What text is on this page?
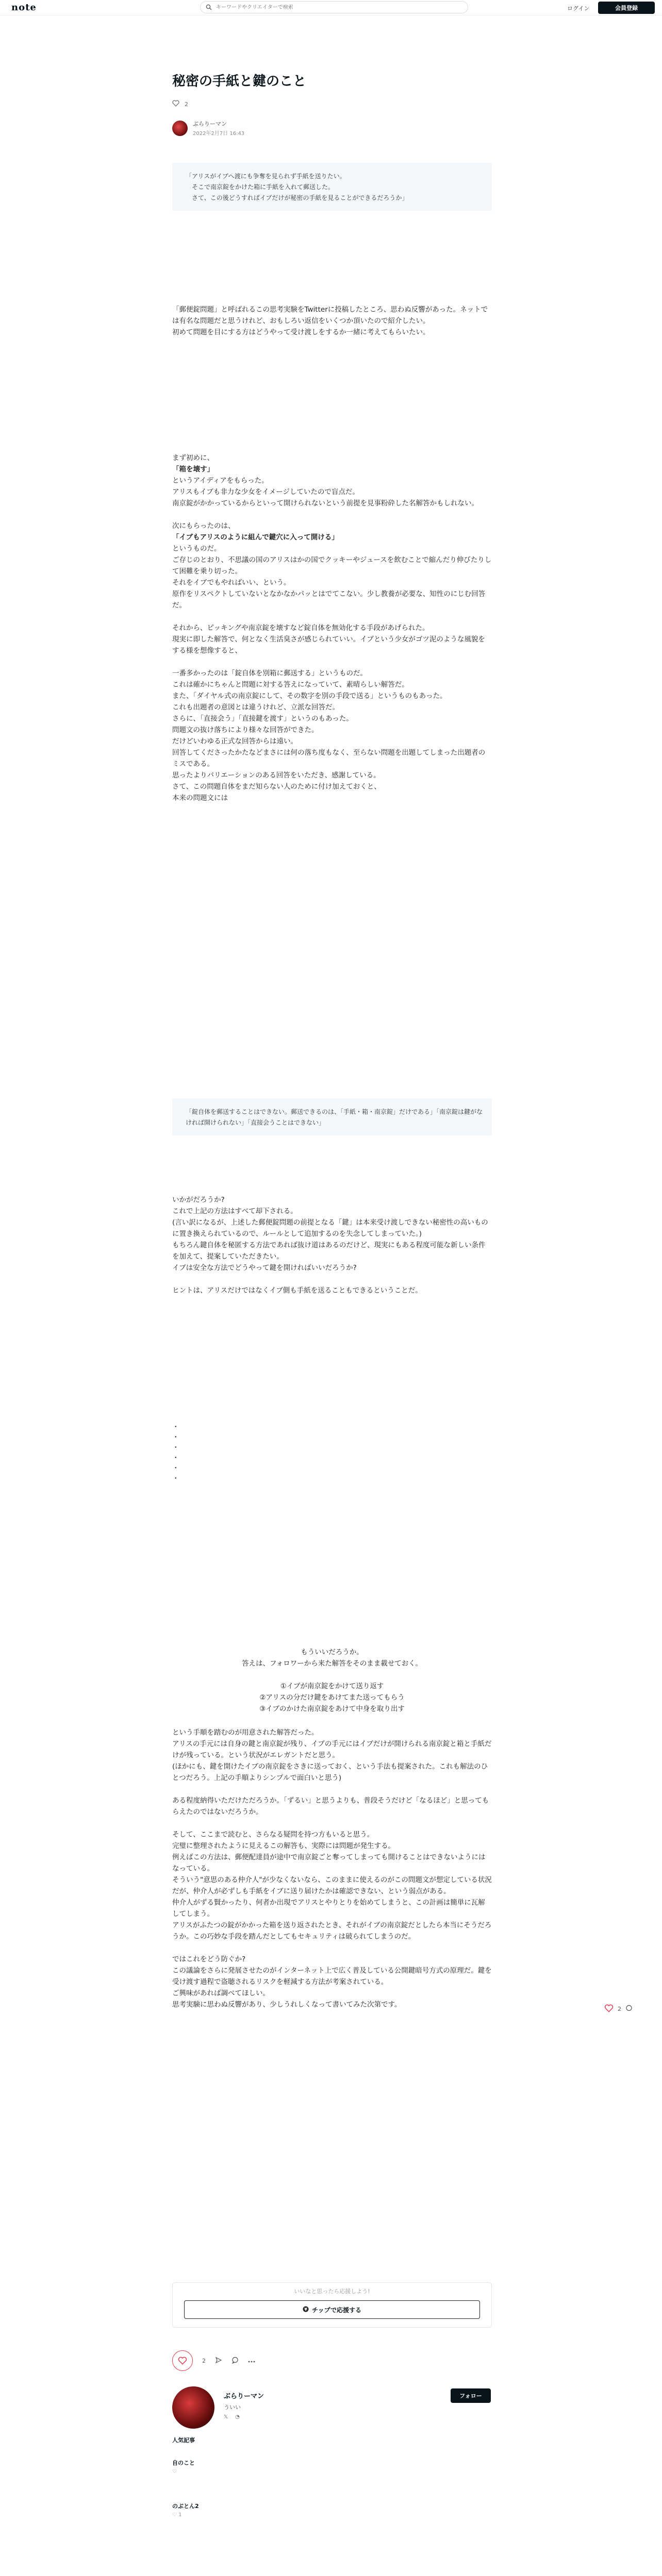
note
キーワードやクリエイターで検索	ログイン	会員登録
秘密の手紙と鍵のこと
2
ぶらりーマン
2022年2月7日 16:43

「アリスがイブへ渡にも争奪を見られず手紙を送りたい。

　そこで南京錠をかけた箱に手紙を入れて郵送した。

　さて、この後どうすればイブだけが秘密の手紙を見ることができるだろうか」

「郵便錠問題」と呼ばれるこの思考実験をTwitterに投稿したところ、思わぬ反響があった。ネットでは有名な問題だと思うけれど、おもしろい返信をいくつか頂いたので紹介したい。

初めて問題を目にする方はどうやって受け渡しをするか一緒に考えてもらいたい。

まず初めに、

「箱を壊す」

というアイディアをもらった。

アリスもイブも非力な少女をイメージしていたので盲点だ。

南京錠がかかっているからといって開けられないという前提を見事粉砕した名解答かもしれない。

次にもらったのは、

「イブもアリスのように組んで鍵穴に入って開ける」

というものだ。

ご存じのとおり、不思議の国のアリスはかの国でクッキーやジュースを飲むことで縮んだり伸びたりして困難を乗り切った。

それをイブでもやればいい、という。

原作をリスペクトしていないとなかなかパッとはでてこない。少し教養が必要な、知性のにじむ回答だ。

それから、ピッキングや南京錠を壊すなど錠自体を無効化する手段があげられた。

現実に即した解答で、何となく生活臭さが感じられていい。イブという少女がゴツ泥のような風貌をする様を想像すると、

一番多かったのは「錠自体を別箱に郵送する」というものだ。

これは確かにちゃんと問題に対する答えになっていて、素晴らしい解答だ。

また、「ダイヤル式の南京錠にして、その数字を別の手段で送る」というものもあった。

これも出題者の意図とは違うけれど、立派な回答だ。

さらに、「直接会う」「直接鍵を渡す」というのもあった。

問題文の抜け落ちにより様々な回答ができた。

だけどいわゆる正式な回答からは遠い。

回答してくださったかたなどまさには何の落ち度もなく、至らない問題を出題してしまった出題者のミスである。

思ったよりバリエーションのある回答をいただき、感謝している。

さて、この問題自体をまだ知らない人のために付け加えておくと、

本来の問題文には

「錠自体を郵送することはできない。郵送できるのは、「手紙・箱・南京錠」だけである」「南京錠は鍵がなければ開けられない」「直接会うことはできない」

いかがだろうか?

これで上記の方法はすべて却下される。

(言い訳になるが、上述した郵便錠問題の前提となる「鍵」は本来受け渡しできない秘密性の高いものに置き換えられているので、ルールとして追加するのを失念してしまっていた。)

もちろん鍵自体を秘匿する方法であれば抜け道はあるのだけど、現実にもある程度可能な新しい条件を加えて、提案していただきたい。

イブは安全な方法でどうやって鍵を開ければいいだろうか?

ヒントは、アリスだけではなくイブ側も手紙を送ることもできるということだ。

・

・

・

・

・

・

もういいだろうか。

答えは、フォロワーから来た解答をそのまま載せておく。

①イブが南京錠をかけて送り返す

②アリスの分だけ鍵をあけてまた送ってもらう

③イブのかけた南京錠をあけて中身を取り出す

という手順を踏むのが用意された解答だった。

アリスの手元には自身の鍵と南京錠が残り、イブの手元にはイブだけが開けられる南京錠と箱と手紙だけが残っている。という状況がエレガントだと思う。

(ほかにも、鍵を開けたイブの南京錠をさきに送っておく、という手法も提案された。これも解法のひとつだろう。上記の手順よりシンプルで面白いと思う)

ある程度納得いただけただろうか。「ずるい」と思うよりも、普段そうだけど「なるほど」と思ってもらえたのではないだろうか。

そして、ここまで読むと、さらなる疑問を持つ方もいると思う。

完璧に整理されたように見えるこの解答も、実際には問題が発生する。

例えばこの方法は、郵便配達員が途中で南京錠ごと奪ってしまっても開けることはできないようにはなっている。

そういう"意思のある仲介人"が少なくないなら、このままに使えるのがこの問題文が想定している状況だが、仲介人が必ずしも手紙をイブに送り届けたかは確認できない、という弱点がある。

仲介人がずる賢かったり、何者か出現でアリスとやりとりを始めてしまうと、この計画は簡単に瓦解してしまう。

アリスがふたつの錠がかかった箱を送り返されたとき、それがイブの南京錠だとしたら本当にそうだろうか。この巧妙な手段を踏んだとしてもセキュリティは破られてしまうのだ。

ではこれをどう防ぐか?

この議論をさらに発展させたのがインターネット上で広く普及している公開鍵暗号方式の原理だ。鍵を受け渡す過程で盗聴されるリスクを軽減する方法が考案されている。

ご興味があれば調べてほしい。

思考実験に思わぬ反響があり、少しうれしくなって書いてみた次第です。

いいなと思ったら応援しよう!
¥ チップで応援する
2
ぶらりーマン
ういい
𝕏 ◔
フォロー
人気記事
自のこと
♡
のぶとん2
♡ 1
2
